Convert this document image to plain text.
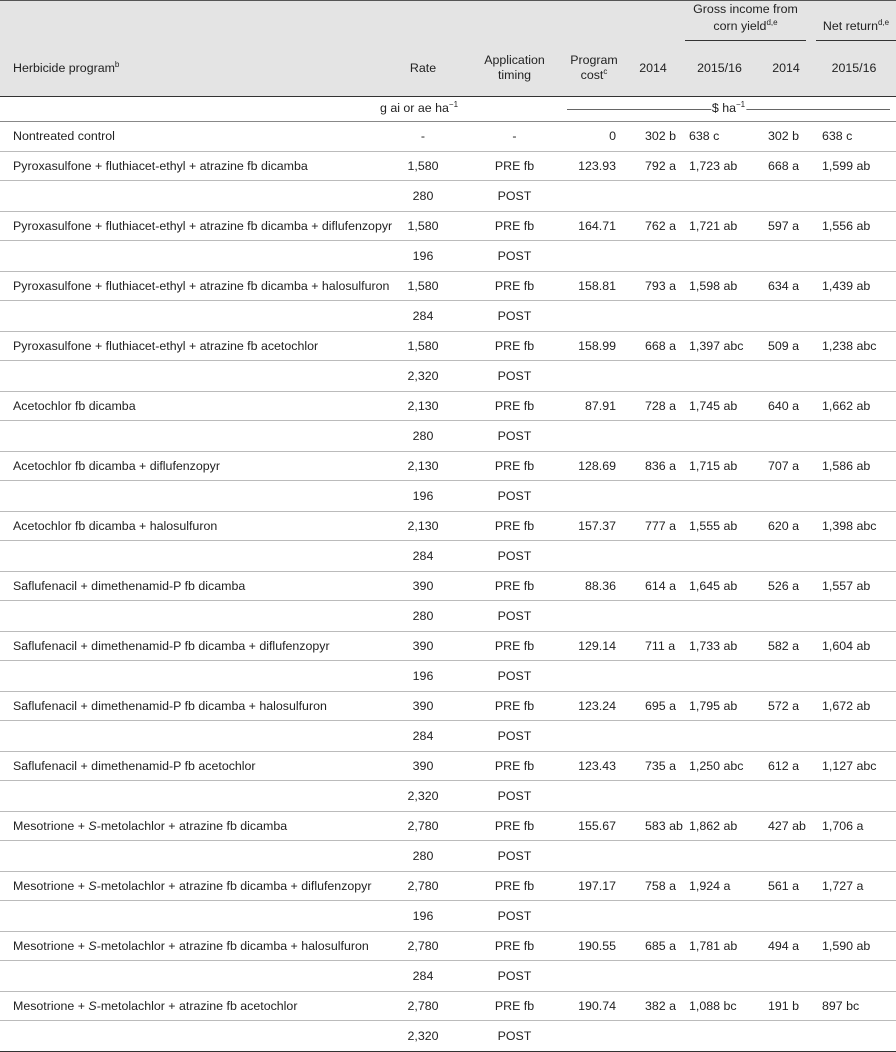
					Gross income from
corn yield$^{d,e}$		Net return$^{d,e}$

Herbicide program$^b$	Rate	Application
timing	Program
cost$^c$	2014	2015/16	2014	2015/16
	g ai or ae $ha^{-1}$		$ $ha^{-1}$

Nontreated control	-	-	0	302 b	638 c	302 b	638 c
Pyroxasulfone + fluthiacet-ethyl + atrazine fb dicamba	1,580	PRE fb	123.93	792 a	1,723 ab	668 a	1,599 ab
	280	POST					
Pyroxasulfone + fluthiacet-ethyl + atrazine fb dicamba + diflufenzopyr	1,580	PRE fb	164.71	762 a	1,721 ab	597 a	1,556 ab
	196	POST					
Pyroxasulfone + fluthiacet-ethyl + atrazine fb dicamba + halosulfuron	1,580	PRE fb	158.81	793 a	1,598 ab	634 a	1,439 ab
	284	POST					
Pyroxasulfone + fluthiacet-ethyl + atrazine fb acetochlor	1,580	PRE fb	158.99	668 a	1,397 abc	509 a	1,238 abc
	2,320	POST					
Acetochlor fb dicamba	2,130	PRE fb	87.91	728 a	1,745 ab	640 a	1,662 ab
	280	POST					
Acetochlor fb dicamba + diflufenzopyr	2,130	PRE fb	128.69	836 a	1,715 ab	707 a	1,586 ab
	196	POST					
Acetochlor fb dicamba + halosulfuron	2,130	PRE fb	157.37	777 a	1,555 ab	620 a	1,398 abc
	284	POST					
Saflufenacil + dimethenamid-P fb dicamba	390	PRE fb	88.36	614 a	1,645 ab	526 a	1,557 ab
	280	POST					
Saflufenacil + dimethenamid-P fb dicamba + diflufenzopyr	390	PRE fb	129.14	711 a	1,733 ab	582 a	1,604 ab
	196	POST					
Saflufenacil + dimethenamid-P fb dicamba + halosulfuron	390	PRE fb	123.24	695 a	1,795 ab	572 a	1,672 ab
	284	POST					
Saflufenacil + dimethenamid-P fb acetochlor	390	PRE fb	123.43	735 a	1,250 abc	612 a	1,127 abc
	2,320	POST					
Mesotrione + S-metolachlor + atrazine fb dicamba	2,780	PRE fb	155.67	583 ab	1,862 ab	427 ab	1,706 a
	280	POST					
Mesotrione + S-metolachlor + atrazine fb dicamba + diflufenzopyr	2,780	PRE fb	197.17	758 a	1,924 a	561 a	1,727 a
	196	POST					
Mesotrione + S-metolachlor + atrazine fb dicamba + halosulfuron	2,780	PRE fb	190.55	685 a	1,781 ab	494 a	1,590 ab
	284	POST					
Mesotrione + S-metolachlor + atrazine fb acetochlor	2,780	PRE fb	190.74	382 a	1,088 bc	191 b	897 bc
	2,320	POST					
